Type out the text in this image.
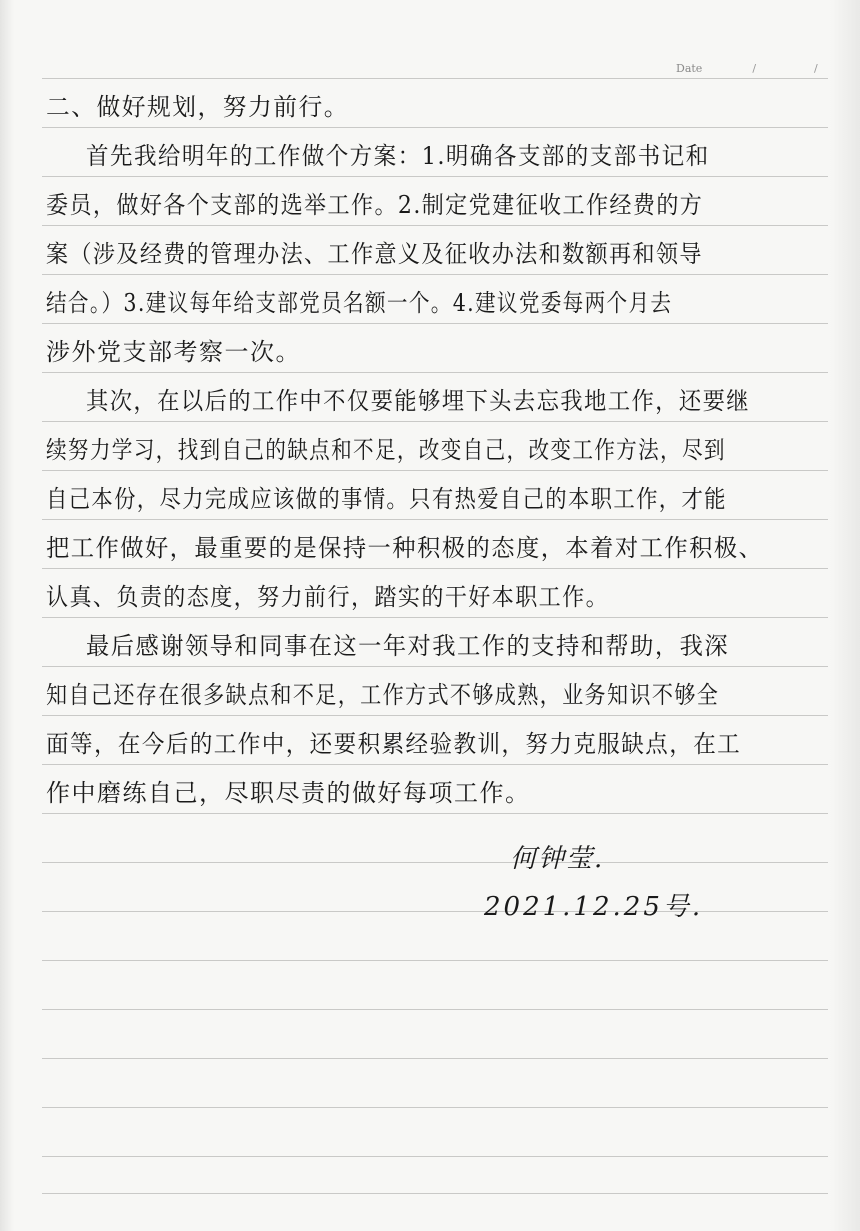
Date	/	/
二、做好规划，努力前行。
首先我给明年的工作做个方案：1.明确各支部的支部书记和
委员，做好各个支部的选举工作。2.制定党建征收工作经费的方
案（涉及经费的管理办法、工作意义及征收办法和数额再和领导
结合。）3.建议每年给支部党员名额一个。4.建议党委每两个月去
涉外党支部考察一次。
其次，在以后的工作中不仅要能够埋下头去忘我地工作，还要继
续努力学习，找到自己的缺点和不足，改变自己，改变工作方法，尽到
自己本份，尽力完成应该做的事情。只有热爱自己的本职工作，才能
把工作做好，最重要的是保持一种积极的态度，本着对工作积极、
认真、负责的态度，努力前行，踏实的干好本职工作。
最后感谢领导和同事在这一年对我工作的支持和帮助，我深
知自己还存在很多缺点和不足，工作方式不够成熟，业务知识不够全
面等，在今后的工作中，还要积累经验教训，努力克服缺点，在工
作中磨练自己，尽职尽责的做好每项工作。
何钟莹.
2021.12.25号.
